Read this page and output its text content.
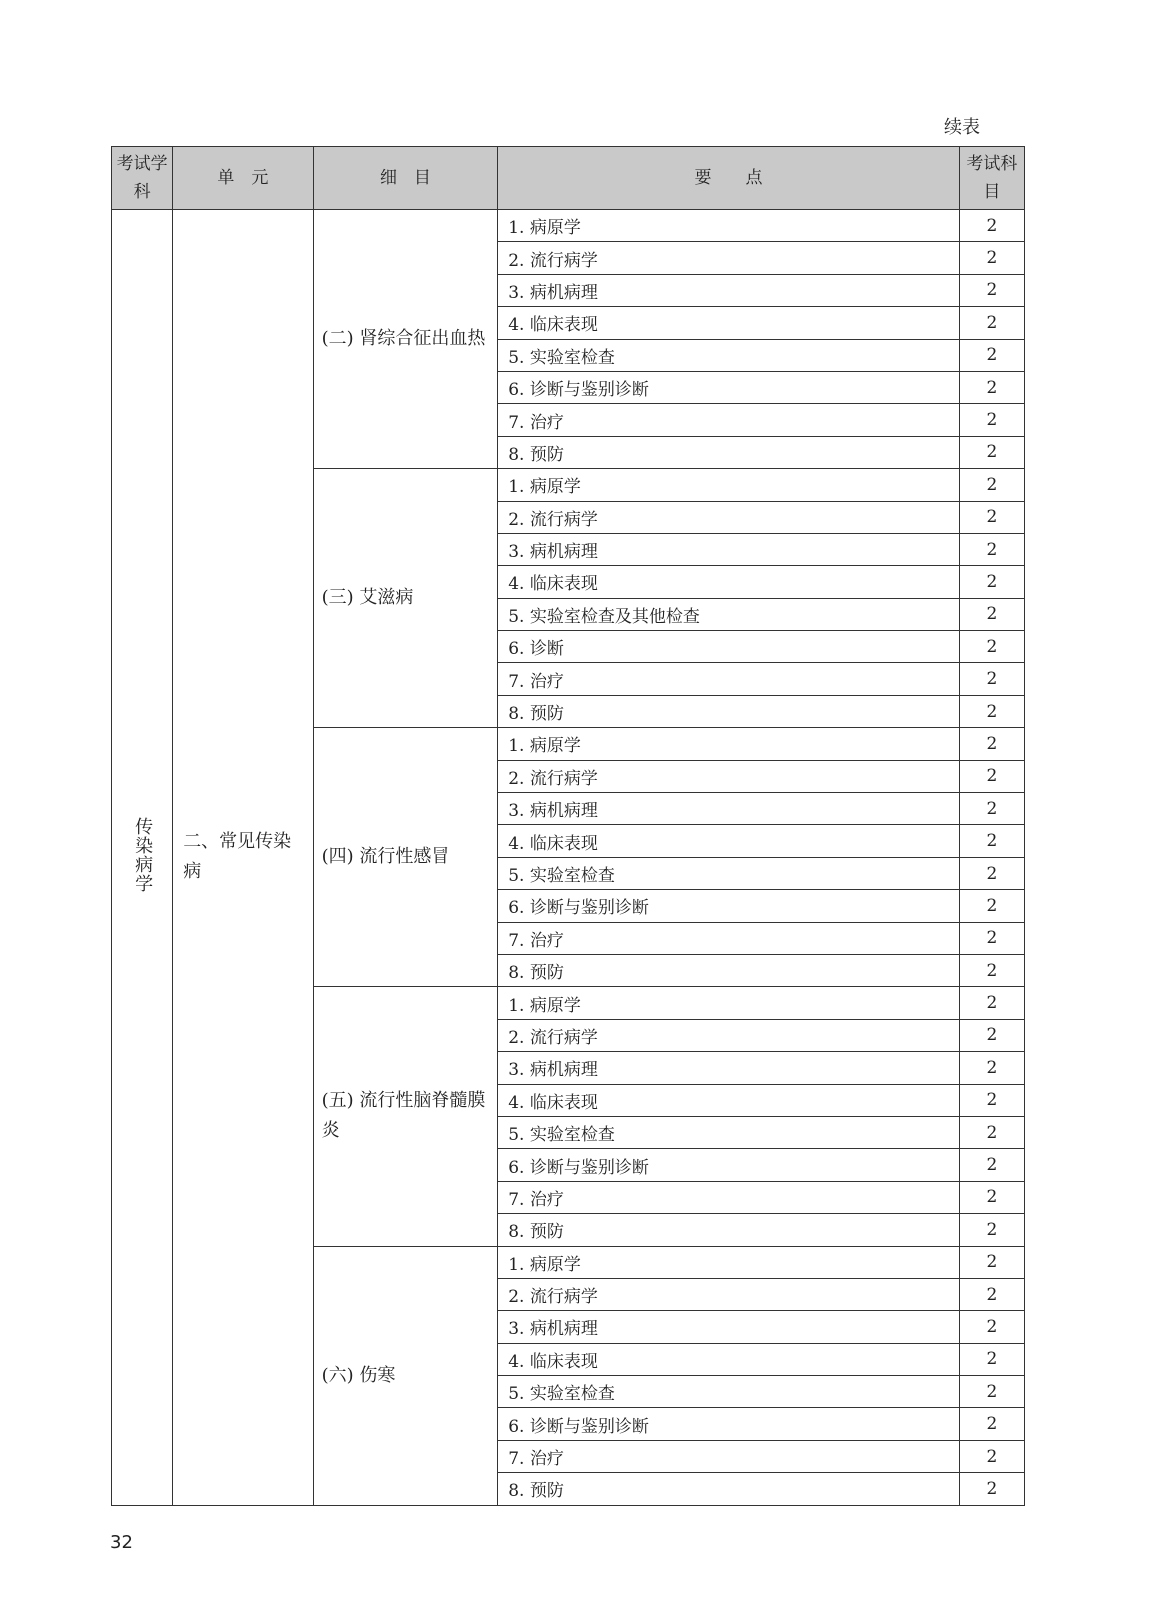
续表
考试学科	单　元	细　目	要　　点	考试科目
传染病学	二、常见传染病	(二) 肾综合征出血热	1. 病原学	2
			2. 流行病学	2
			3. 病机病理	2
			4. 临床表现	2
			5. 实验室检查	2
			6. 诊断与鉴别诊断	2
			7. 治疗	2
			8. 预防	2
		(三) 艾滋病	1. 病原学	2
			2. 流行病学	2
			3. 病机病理	2
			4. 临床表现	2
			5. 实验室检查及其他检查	2
			6. 诊断	2
			7. 治疗	2
			8. 预防	2
		(四) 流行性感冒	1. 病原学	2
			2. 流行病学	2
			3. 病机病理	2
			4. 临床表现	2
			5. 实验室检查	2
			6. 诊断与鉴别诊断	2
			7. 治疗	2
			8. 预防	2
		(五) 流行性脑脊髓膜炎	1. 病原学	2
			2. 流行病学	2
			3. 病机病理	2
			4. 临床表现	2
			5. 实验室检查	2
			6. 诊断与鉴别诊断	2
			7. 治疗	2
			8. 预防	2
		(六) 伤寒	1. 病原学	2
			2. 流行病学	2
			3. 病机病理	2
			4. 临床表现	2
			5. 实验室检查	2
			6. 诊断与鉴别诊断	2
			7. 治疗	2
			8. 预防	2
32
